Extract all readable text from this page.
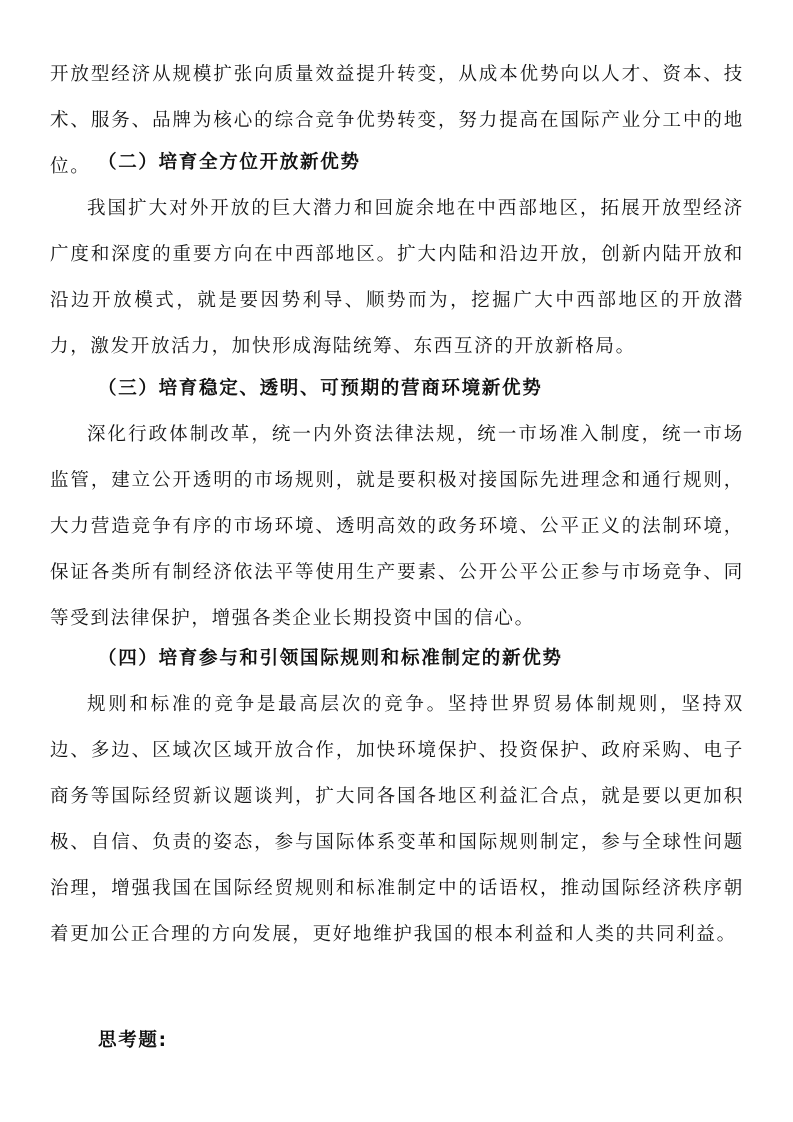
开放型经济从规模扩张向质量效益提升转变，从成本优势向以人才、资本、技术、服务、品牌为核心的综合竞争优势转变，努力提高在国际产业分工中的地位。 （二）培育全方位开放新优势

我国扩大对外开放的巨大潜力和回旋余地在中西部地区，拓展开放型经济广度和深度的重要方向在中西部地区。扩大内陆和沿边开放，创新内陆开放和沿边开放模式，就是要因势利导、顺势而为，挖掘广大中西部地区的开放潜力，激发开放活力，加快形成海陆统筹、东西互济的开放新格局。

（三）培育稳定、透明、可预期的营商环境新优势

深化行政体制改革，统一内外资法律法规，统一市场准入制度，统一市场监管，建立公开透明的市场规则，就是要积极对接国际先进理念和通行规则，大力营造竞争有序的市场环境、透明高效的政务环境、公平正义的法制环境，保证各类所有制经济依法平等使用生产要素、公开公平公正参与市场竞争、同等受到法律保护，增强各类企业长期投资中国的信心。

（四）培育参与和引领国际规则和标准制定的新优势

规则和标准的竞争是最高层次的竞争。坚持世界贸易体制规则，坚持双边、多边、区域次区域开放合作，加快环境保护、投资保护、政府采购、电子商务等国际经贸新议题谈判，扩大同各国各地区利益汇合点，就是要以更加积极、自信、负责的姿态，参与国际体系变革和国际规则制定，参与全球性问题治理，增强我国在国际经贸规则和标准制定中的话语权，推动国际经济秩序朝着更加公正合理的方向发展，更好地维护我国的根本利益和人类的共同利益。

思考题:
